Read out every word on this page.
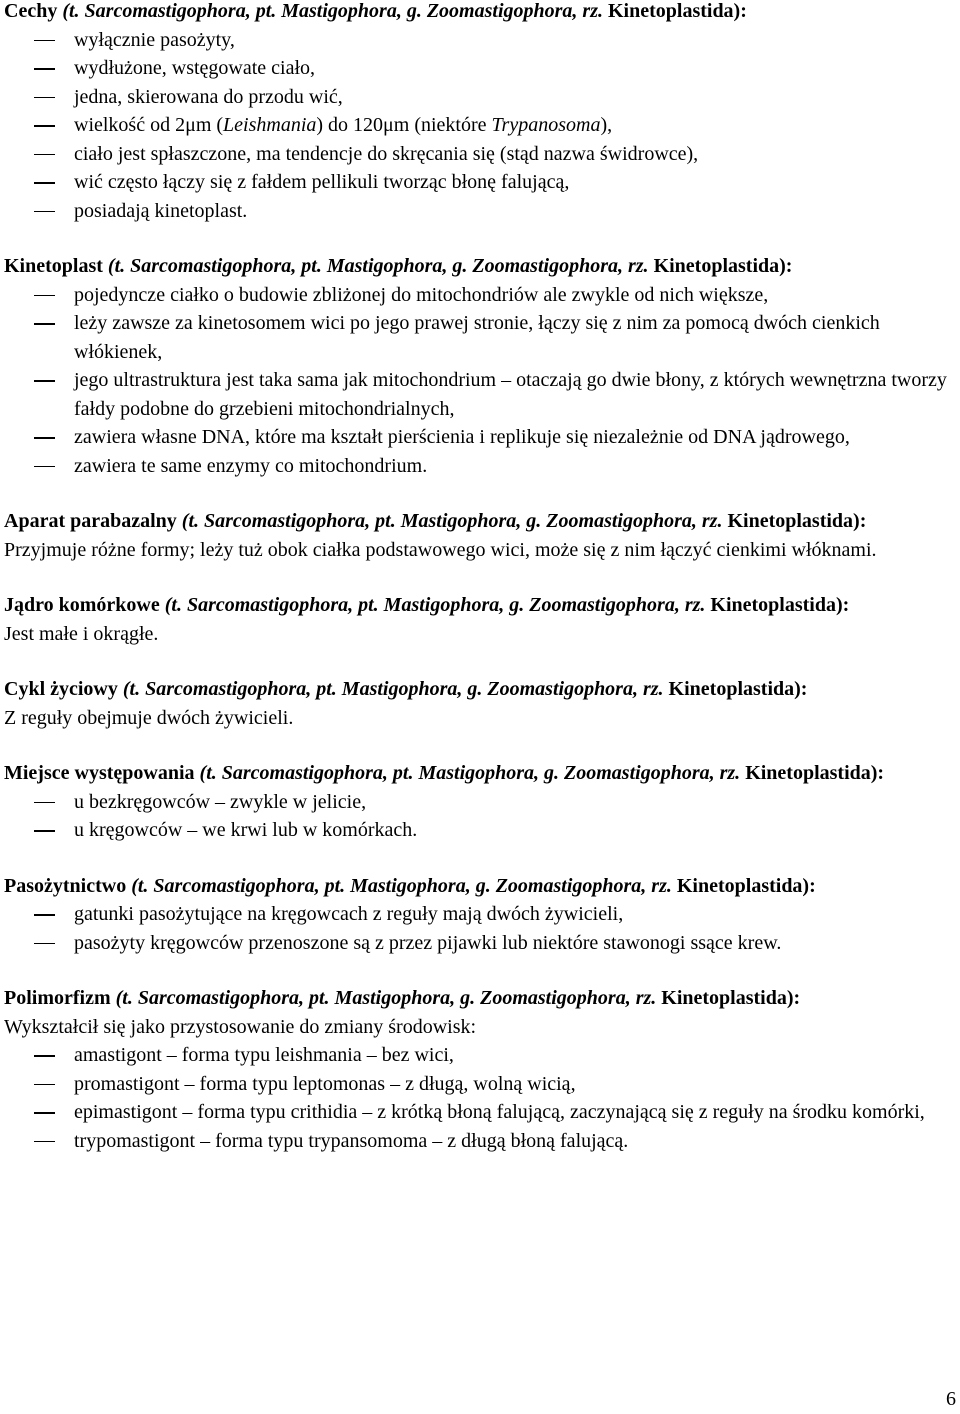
Cechy (t. Sarcomastigophora, pt. Mastigophora, g. Zoomastigophora, rz. Kinetoplastida):
wyłącznie pasożyty,
wydłużone, wstęgowate ciało,
jedna, skierowana do przodu wić,
wielkość od 2μm (Leishmania) do 120μm (niektóre Trypanosoma),
ciało jest spłaszczone, ma tendencje do skręcania się (stąd nazwa świdrowce),
wić często łączy się z fałdem pellikuli tworząc błonę falującą,
posiadają kinetoplast.
Kinetoplast (t. Sarcomastigophora, pt. Mastigophora, g. Zoomastigophora, rz. Kinetoplastida):
pojedyncze ciałko o budowie zbliżonej do mitochondriów ale zwykle od nich większe,
leży zawsze za kinetosomem wici po jego prawej stronie, łączy się z nim za pomocą dwóch cienkich włókienek,
jego ultrastruktura jest taka sama jak mitochondrium – otaczają go dwie błony, z których wewnętrzna tworzy fałdy podobne do grzebieni mitochondrialnych,
zawiera własne DNA, które ma kształt pierścienia i replikuje się niezależnie od DNA jądrowego,
zawiera te same enzymy co mitochondrium.
Aparat parabazalny (t. Sarcomastigophora, pt. Mastigophora, g. Zoomastigophora, rz. Kinetoplastida):

Przyjmuje różne formy; leży tuż obok ciałka podstawowego wici, może się z nim łączyć cienkimi włóknami.

Jądro komórkowe (t. Sarcomastigophora, pt. Mastigophora, g. Zoomastigophora, rz. Kinetoplastida):

Jest małe i okrągłe.

Cykl życiowy (t. Sarcomastigophora, pt. Mastigophora, g. Zoomastigophora, rz. Kinetoplastida):

Z reguły obejmuje dwóch żywicieli.

Miejsce występowania (t. Sarcomastigophora, pt. Mastigophora, g. Zoomastigophora, rz. Kinetoplastida):
u bezkręgowców – zwykle w jelicie,
u kręgowców – we krwi lub w komórkach.
Pasożytnictwo (t. Sarcomastigophora, pt. Mastigophora, g. Zoomastigophora, rz. Kinetoplastida):
gatunki pasożytujące na kręgowcach z reguły mają dwóch żywicieli,
pasożyty kręgowców przenoszone są z przez pijawki lub niektóre stawonogi ssące krew.
Polimorfizm (t. Sarcomastigophora, pt. Mastigophora, g. Zoomastigophora, rz. Kinetoplastida):

Wykształcił się jako przystosowanie do zmiany środowisk:

amastigont – forma typu leishmania – bez wici,
promastigont – forma typu leptomonas – z długą, wolną wicią,
epimastigont – forma typu crithidia – z krótką błoną falującą, zaczynającą się z reguły na środku komórki,
trypomastigont – forma typu trypansomoma – z długą błoną falującą.
6
